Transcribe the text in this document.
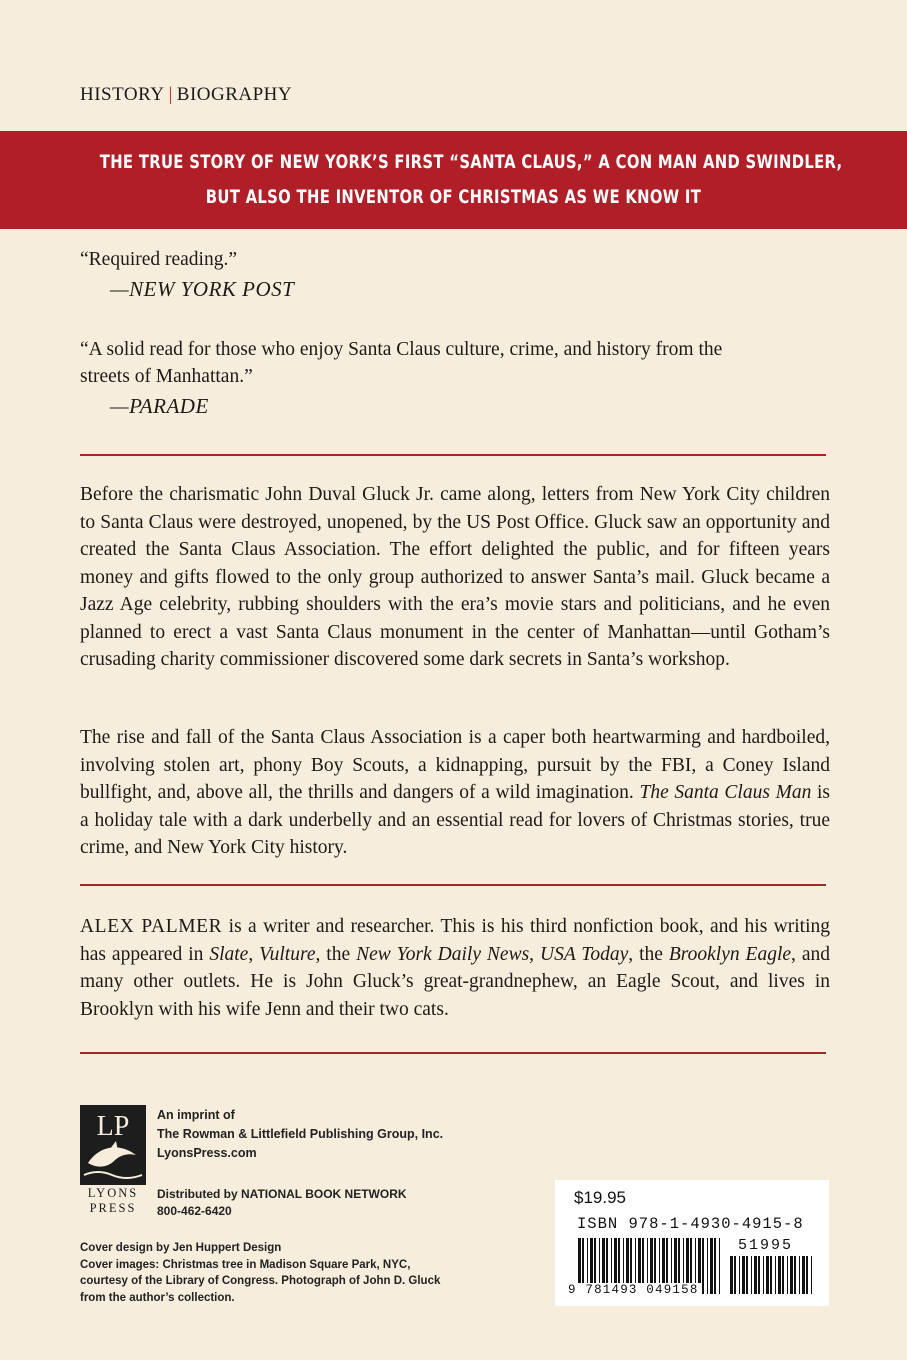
HISTORY | BIOGRAPHY
THE TRUE STORY OF NEW YORK’S FIRST “SANTA CLAUS,” A CON MAN AND SWINDLER,
BUT ALSO THE INVENTOR OF CHRISTMAS AS WE KNOW IT
“Required reading.”
—NEW YORK POST
“A solid read for those who enjoy Santa Claus culture, crime, and history from the
streets of Manhattan.”
—PARADE
Before the charismatic John Duval Gluck Jr. came along, letters from New York City children to Santa Claus were destroyed, unopened, by the US Post Office. Gluck saw an opportunity and created the Santa Claus Association. The effort delighted the public, and for fifteen years money and gifts flowed to the only group authorized to answer Santa’s mail. Gluck became a Jazz Age celebrity, rubbing shoulders with the era’s movie stars and politicians, and he even planned to erect a vast Santa Claus monument in the center of Manhattan—until Gotham’s crusading charity commissioner discovered some dark secrets in Santa’s workshop.
The rise and fall of the Santa Claus Association is a caper both heartwarming and hardboiled, involving stolen art, phony Boy Scouts, a kidnapping, pursuit by the FBI, a Coney Island bullfight, and, above all, the thrills and dangers of a wild imagination. The Santa Claus Man is a holiday tale with a dark underbelly and an essential read for lovers of Christmas stories, true crime, and New York City history.
ALEX PALMER is a writer and researcher. This is his third nonfiction book, and his writing has appeared in Slate, Vulture, the New York Daily News, USA Today, the Brooklyn Eagle, and many other outlets. He is John Gluck’s great-grandnephew, an Eagle Scout, and lives in Brooklyn with his wife Jenn and their two cats.
LP
LYONS
PRESS
An imprint of
The Rowman & Littlefield Publishing Group, Inc.
LyonsPress.com
Distributed by NATIONAL BOOK NETWORK
800-462-6420
Cover design by Jen Huppert Design
Cover images: Christmas tree in Madison Square Park, NYC,
courtesy of the Library of Congress. Photograph of John D. Gluck
from the author’s collection.
$19.95
ISBN 978-1-4930-4915-8
51995
9 781493 049158
